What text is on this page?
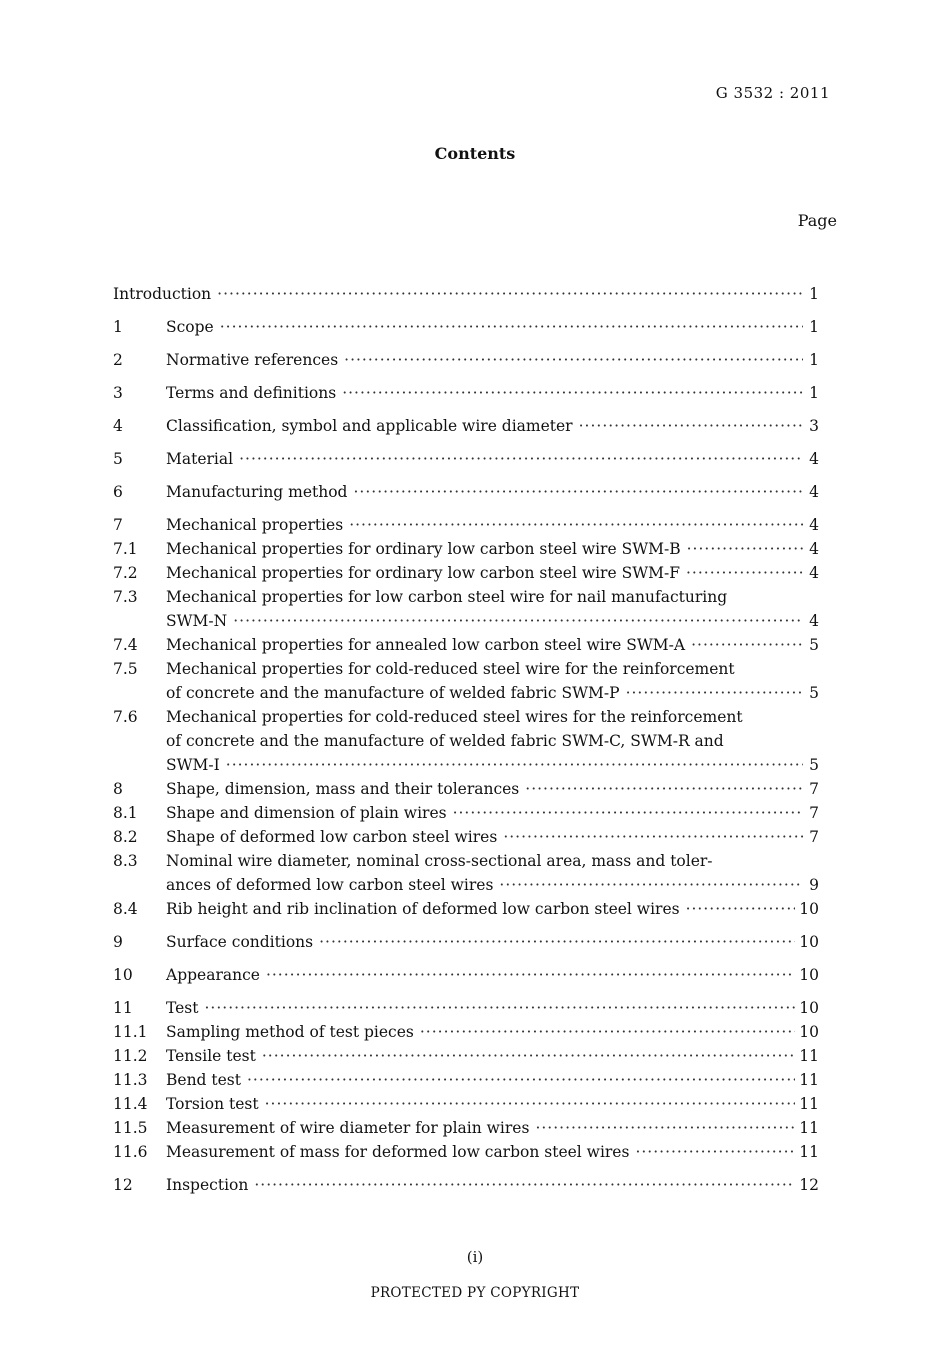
G 3532 : 2011
Contents
Page
Introduction ·····	1
1	Scope ·····	1
2	Normative references ·····	1
3	Terms and definitions ·····	1
4	Classification, symbol and applicable wire diameter ·····	3
5	Material ·····	4
6	Manufacturing method ·····	4
7	Mechanical properties ·····	4
7.1	Mechanical properties for ordinary low carbon steel wire SWM-B ·····	4
7.2	Mechanical properties for ordinary low carbon steel wire SWM-F ·····	4
7.3	Mechanical properties for low carbon steel wire for nail manufacturing
SWM-N ·····	4
7.4	Mechanical properties for annealed low carbon steel wire SWM-A ·····	5
7.5	Mechanical properties for cold-reduced steel wire for the reinforcement
of concrete and the manufacture of welded fabric SWM-P ·····	5
7.6	Mechanical properties for cold-reduced steel wires for the reinforcement
of concrete and the manufacture of welded fabric SWM-C, SWM-R and
SWM-I ·····	5
8	Shape, dimension, mass and their tolerances ·····	7
8.1	Shape and dimension of plain wires ·····	7
8.2	Shape of deformed low carbon steel wires ·····	7
8.3	Nominal wire diameter, nominal cross-sectional area, mass and toler-
ances of deformed low carbon steel wires ·····	9
8.4	Rib height and rib inclination of deformed low carbon steel wires ·····	10
9	Surface conditions ·····	10
10	Appearance ·····	10
11	Test ·····	10
11.1	Sampling method of test pieces ·····	10
11.2	Tensile test ·····	11
11.3	Bend test ·····	11
11.4	Torsion test ·····	11
11.5	Measurement of wire diameter for plain wires ·····	11
11.6	Measurement of mass for deformed low carbon steel wires ·····	11
12	Inspection ·····	12
(i)
PROTECTED PY COPYRIGHT
